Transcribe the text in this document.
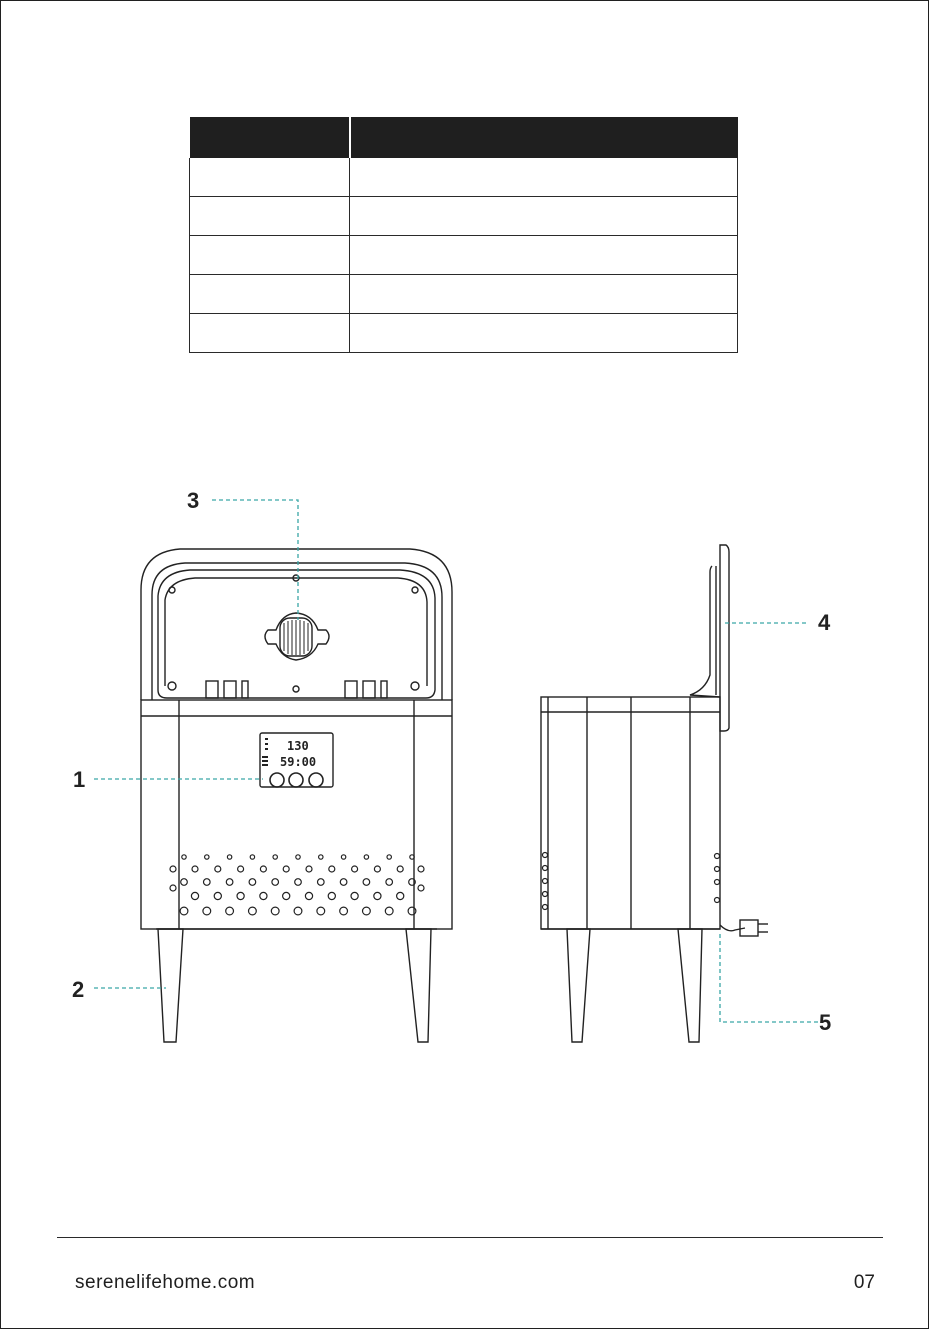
130
59:00
3
1
2
4
5
serenelifehome.com	07
